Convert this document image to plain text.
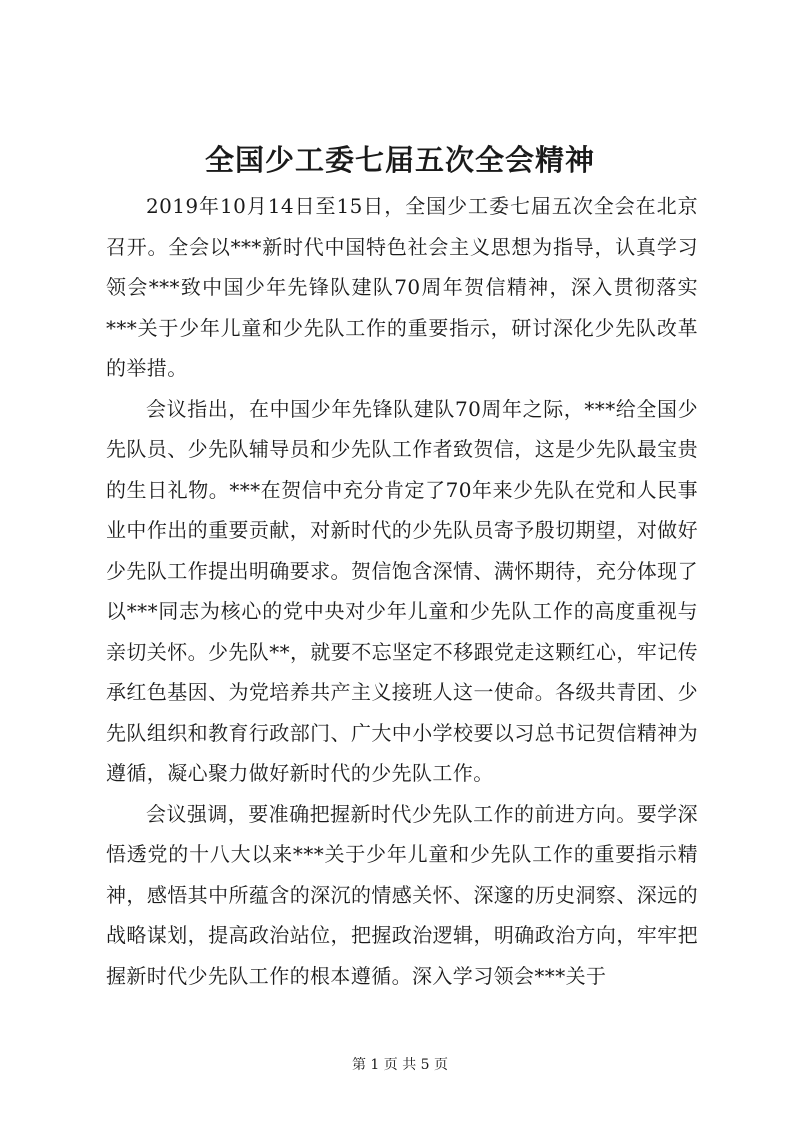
全国少工委七届五次全会精神

2019年10月14日至15日，全国少工委七届五次全会在北京召开。全会以***新时代中国特色社会主义思想为指导，认真学习领会***致中国少年先锋队建队70周年贺信精神，深入贯彻落实***关于少年儿童和少先队工作的重要指示，研讨深化少先队改革的举措。

会议指出，在中国少年先锋队建队70周年之际，***给全国少先队员、少先队辅导员和少先队工作者致贺信，这是少先队最宝贵的生日礼物。***在贺信中充分肯定了70年来少先队在党和人民事业中作出的重要贡献，对新时代的少先队员寄予殷切期望，对做好少先队工作提出明确要求。贺信饱含深情、满怀期待，充分体现了以***同志为核心的党中央对少年儿童和少先队工作的高度重视与亲切关怀。少先队**，就要不忘坚定不移跟党走这颗红心，牢记传承红色基因、为党培养共产主义接班人这一使命。各级共青团、少先队组织和教育行政部门、广大中小学校要以习总书记贺信精神为遵循，凝心聚力做好新时代的少先队工作。

会议强调，要准确把握新时代少先队工作的前进方向。要学深悟透党的十八大以来***关于少年儿童和少先队工作的重要指示精神，感悟其中所蕴含的深沉的情感关怀、深邃的历史洞察、深远的战略谋划，提高政治站位，把握政治逻辑，明确政治方向，牢牢把握新时代少先队工作的根本遵循。深入学习领会***关于

第 1 页 共 5 页
